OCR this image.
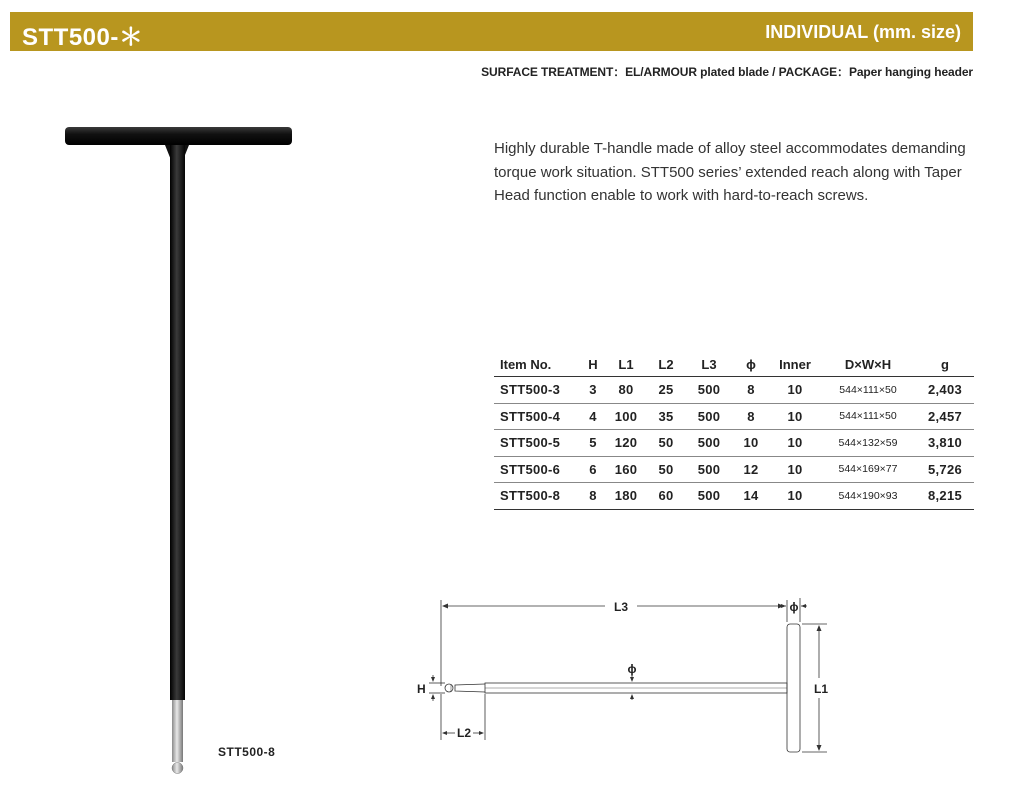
STT500-＊	INDIVIDUAL (mm. size)
SURFACE TREATMENT：EL/ARMOUR plated blade / PACKAGE：Paper hanging header
STT500-8
Highly durable T-handle made of alloy steel accommodates demanding
torque work situation. STT500 series’ extended reach along with Taper
Head function enable to work with hard-to-reach screws.
Item No.	H	L1	L2	L3	ϕ	Inner	D×W×H	g
STT500-3	3	80	25	500	8	10	544×111×50	2,403
STT500-4	4	100	35	500	8	10	544×111×50	2,457
STT500-5	5	120	50	500	10	10	544×132×59	3,810
STT500-6	6	160	50	500	12	10	544×169×77	5,726
STT500-8	8	180	60	500	14	10	544×190×93	8,215
L3	ϕ
L1
H
L2
ϕ
